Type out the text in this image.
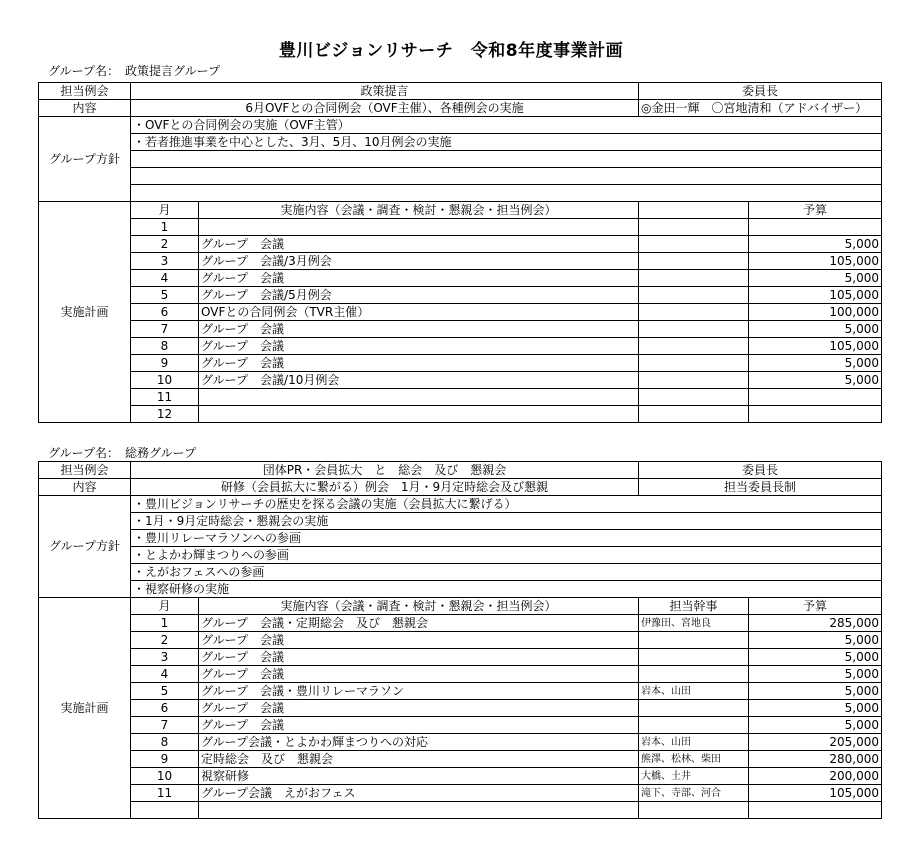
豊川ビジョンリサーチ　令和8年度事業計画
グループ名：　政策提言グループ
担当例会	政策提言		委員長	
内容	6月OVFとの合同例会（OVF主催）、各種例会の実施		◎金田一輝　〇宮地清和（アドバイザー）	
グループ方針	・OVFとの合同例会の実施（OVF主管）			
	・若者推進事業を中心とした、3月、5月、10月例会の実施			

	月	実施内容（会議・調査・検討・懇親会・担当例会）		予算
	1			
	2	グループ　会議		5,000
	3	グループ　会議/3月例会		105,000
	4	グループ　会議		5,000
	5	グループ　会議/5月例会		105,000
実施計画	6	OVFとの合同例会（TVR主催）		100,000
	7	グループ　会議		5,000
	8	グループ　会議		105,000
	9	グループ　会議		5,000
	10	グループ　会議/10月例会		5,000
	11			
	12			
グループ名：　総務グループ
担当例会	団体PR・会員拡大　と　総会　及び　懇親会		委員長	
内容	研修（会員拡大に繋がる）例会　1月・9月定時総会及び懇親		担当委員長制	
グループ方針	・豊川ビジョンリサーチの歴史を探る会議の実施（会員拡大に繋げる）			
	・1月・9月定時総会・懇親会の実施			
	・豊川リレーマラソンへの参画			
	・とよかわ輝まつりへの参画			
	・えがおフェスへの参画			
	・視察研修の実施			
	月	実施内容（会議・調査・検討・懇親会・担当例会）	担当幹事	予算
	1	グループ　会議・定期総会　及び　懇親会	伊豫田、宮地良	285,000
	2	グループ　会議		5,000
	3	グループ　会議		5,000
	4	グループ　会議		5,000
	5	グループ　会議・豊川リレーマラソン	岩本、山田	5,000
実施計画	6	グループ　会議		5,000
	7	グループ　会議		5,000
	8	グループ会議・とよかわ輝まつりへの対応	岩本、山田	205,000
	9	定時総会　及び　懇親会	熊澤、松林、柴田	280,000
	10	視察研修	大橋、土井	200,000
	11	グループ会議　えがおフェス	滝下、寺部、河合	105,000
